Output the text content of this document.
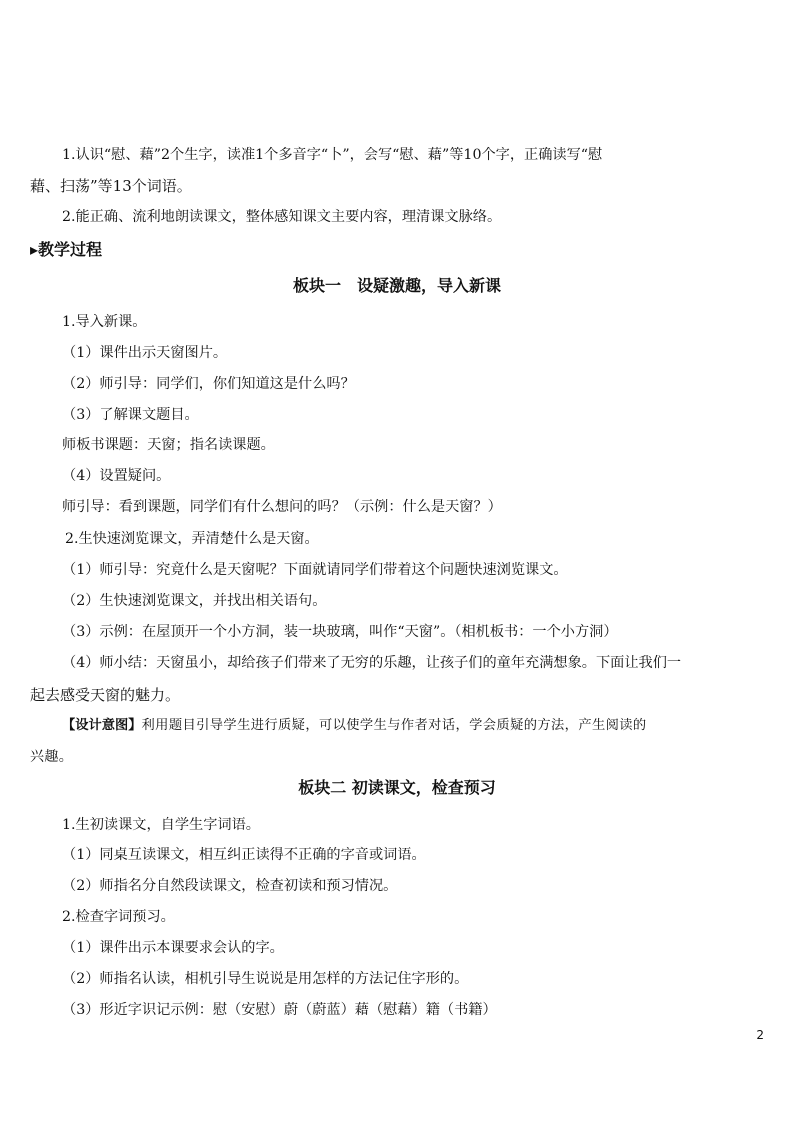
1.认识“慰、藉”2个生字，读准1个多音字“卜”，会写“慰、藉”等10个字，正确读写“慰
藉、扫荡”等13个词语。
2.能正确、流利地朗读课文，整体感知课文主要内容，理清课文脉络。
▸教学过程
板块一　设疑激趣，导入新课
1.导入新课。
（1）课件出示天窗图片。
（2）师引导：同学们，你们知道这是什么吗？
（3）了解课文题目。
师板书课题：天窗；指名读课题。
（4）设置疑问。
师引导：看到课题，同学们有什么想问的吗？（示例：什么是天窗？）
2.生快速浏览课文，弄清楚什么是天窗。
（1）师引导：究竟什么是天窗呢？下面就请同学们带着这个问题快速浏览课文。
（2）生快速浏览课文，并找出相关语句。
（3）示例：在屋顶开一个小方洞，装一块玻璃，叫作“天窗”。（相机板书：一个小方洞）
（4）师小结：天窗虽小，却给孩子们带来了无穷的乐趣，让孩子们的童年充满想象。下面让我们一
起去感受天窗的魅力。
【设计意图】利用题目引导学生进行质疑，可以使学生与作者对话，学会质疑的方法，产生阅读的
兴趣。
板块二 初读课文，检查预习
1.生初读课文，自学生字词语。
（1）同桌互读课文，相互纠正读得不正确的字音或词语。
（2）师指名分自然段读课文，检查初读和预习情况。
2.检查字词预习。
（1）课件出示本课要求会认的字。
（2）师指名认读，相机引导生说说是用怎样的方法记住字形的。
（3）形近字识记示例：慰（安慰）蔚（蔚蓝）藉（慰藉）籍（书籍）
2
